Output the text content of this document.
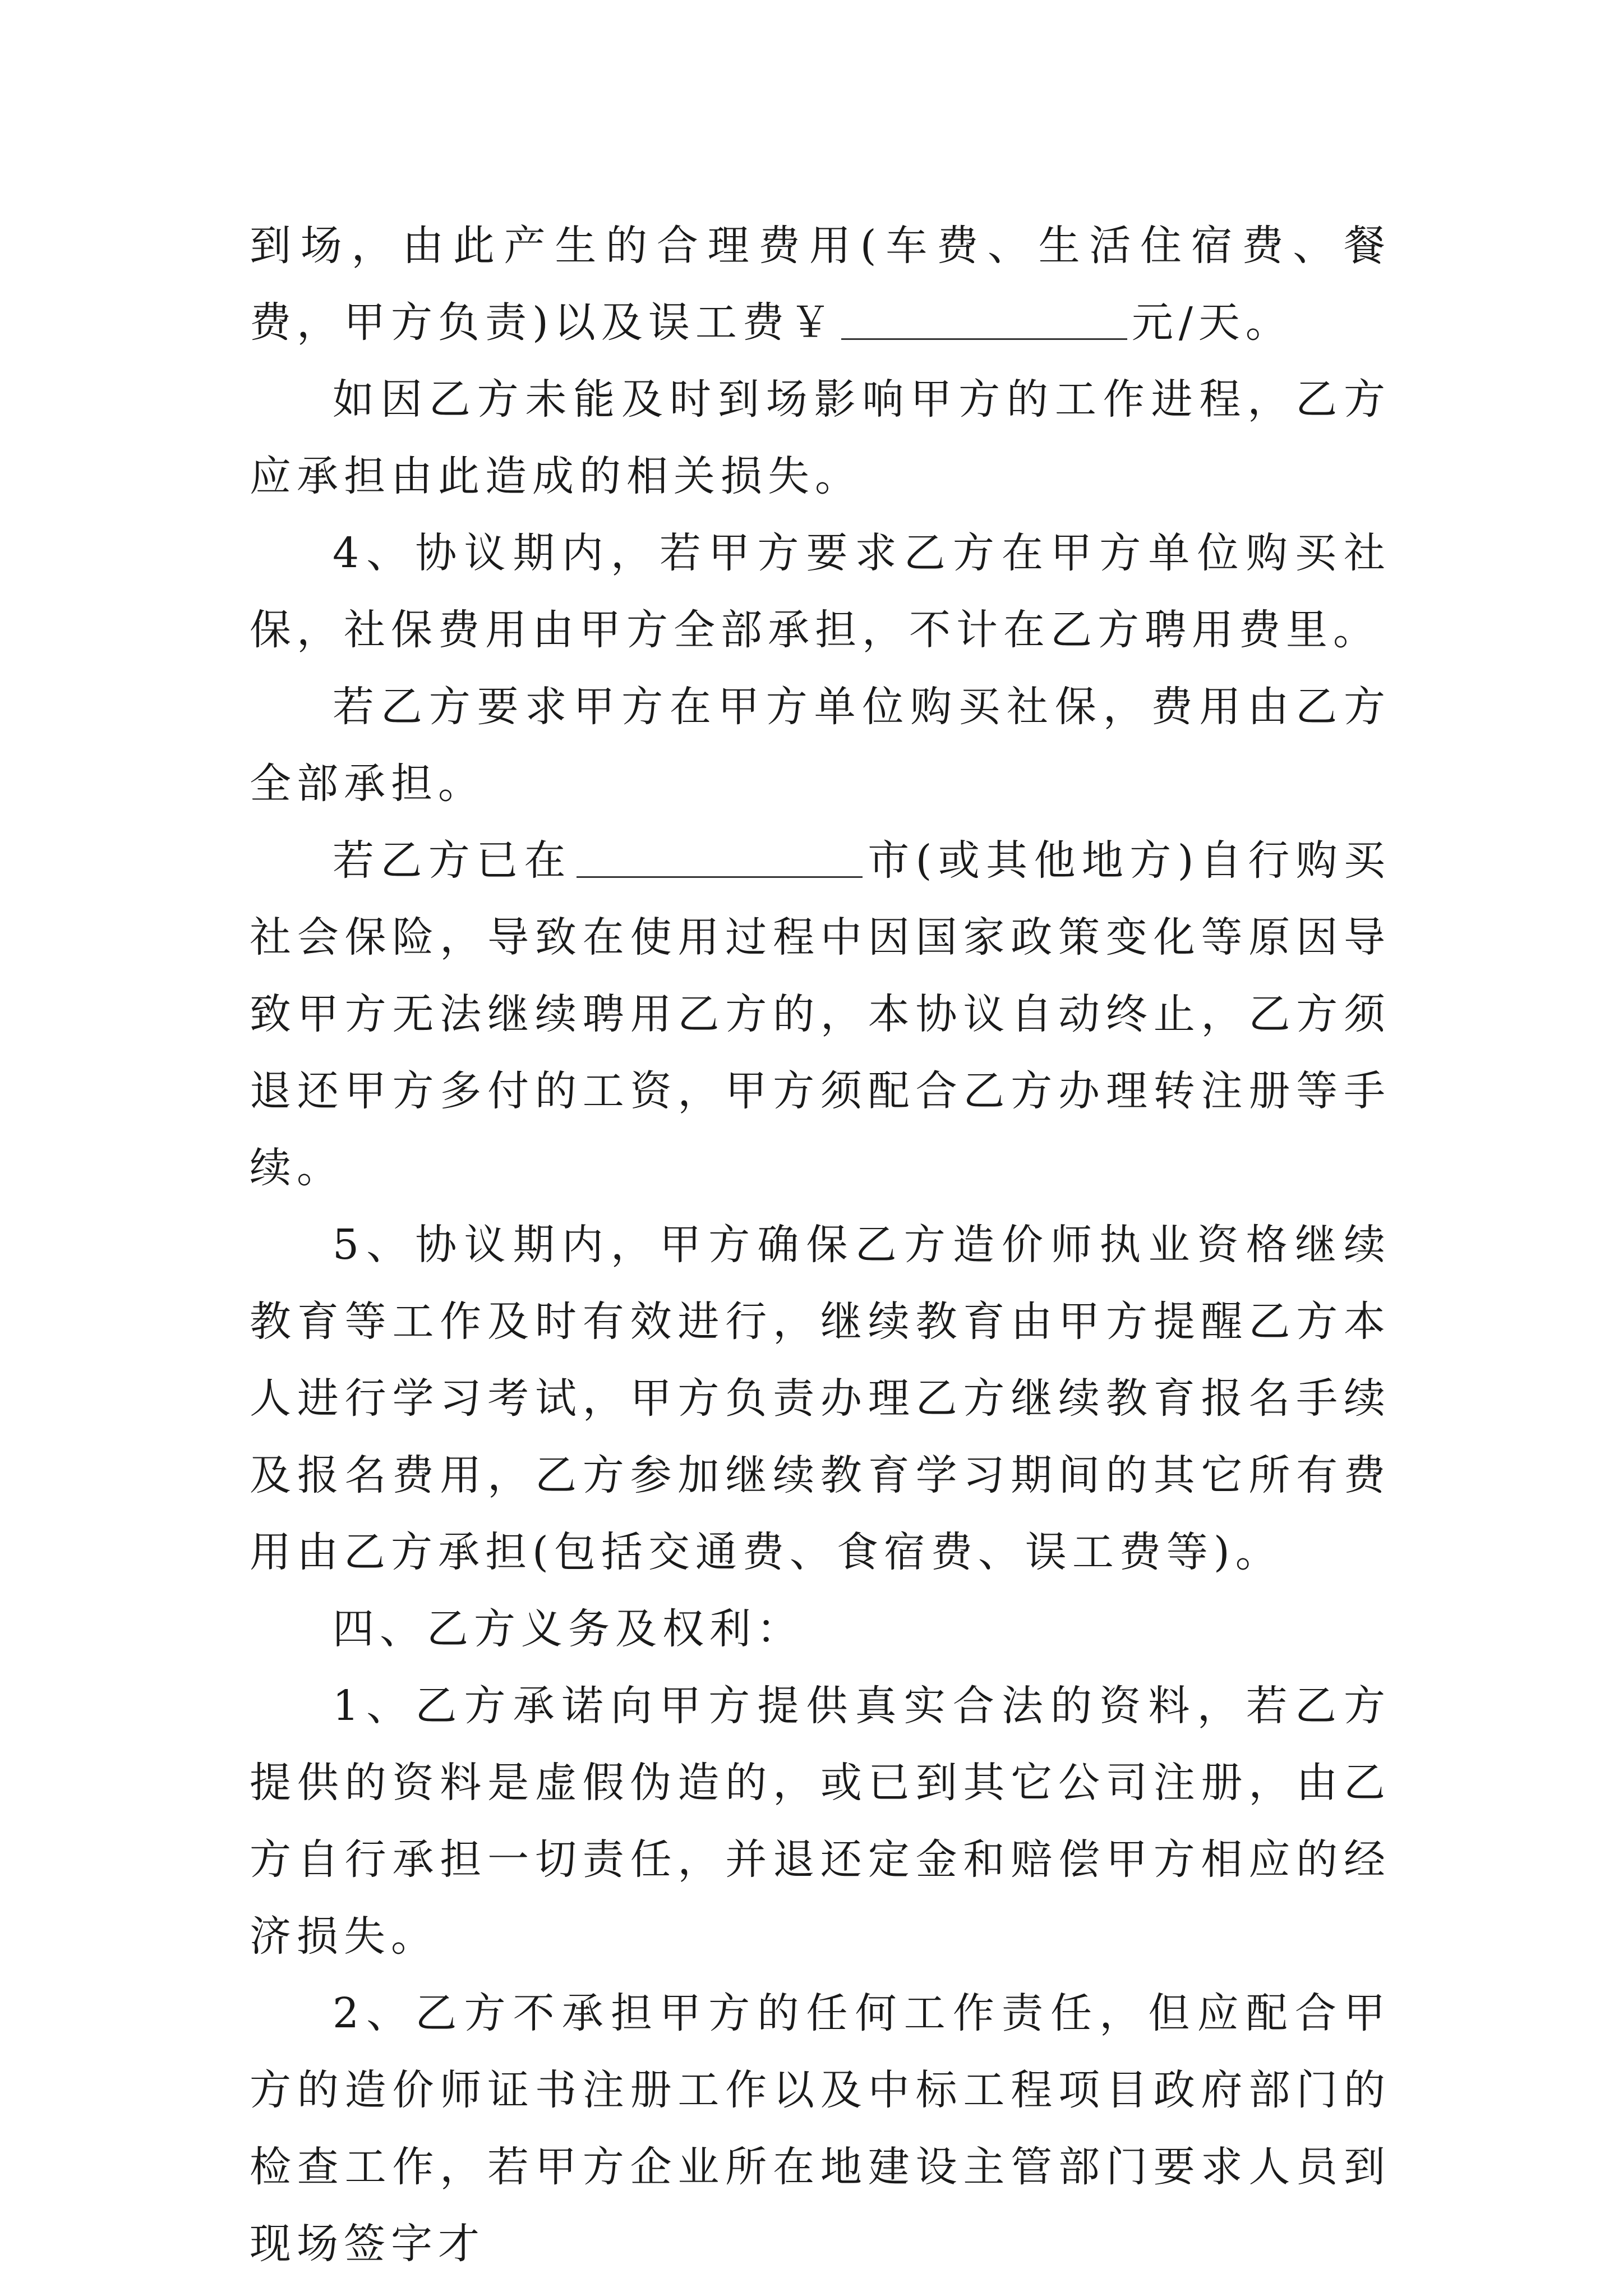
到场，由此产生的合理费用(车费、生活住宿费、餐费，甲方负责)以及误工费￥	元/天。

如因乙方未能及时到场影响甲方的工作进程，乙方应承担由此造成的相关损失。

4、协议期内，若甲方要求乙方在甲方单位购买社保，社保费用由甲方全部承担，不计在乙方聘用费里。

若乙方要求甲方在甲方单位购买社保，费用由乙方全部承担。

若乙方已在	市(或其他地方)自行购买社会保险，导致在使用过程中因国家政策变化等原因导致甲方无法继续聘用乙方的，本协议自动终止，乙方须退还甲方多付的工资，甲方须配合乙方办理转注册等手续。

5、协议期内，甲方确保乙方造价师执业资格继续教育等工作及时有效进行，继续教育由甲方提醒乙方本人进行学习考试，甲方负责办理乙方继续教育报名手续及报名费用，乙方参加继续教育学习期间的其它所有费用由乙方承担(包括交通费、食宿费、误工费等)。

四、乙方义务及权利：

1、乙方承诺向甲方提供真实合法的资料，若乙方提供的资料是虚假伪造的，或已到其它公司注册，由乙方自行承担一切责任，并退还定金和赔偿甲方相应的经济损失。

2、乙方不承担甲方的任何工作责任，但应配合甲方的造价师证书注册工作以及中标工程项目政府部门的检查工作，若甲方企业所在地建设主管部门要求人员到现场签字才
